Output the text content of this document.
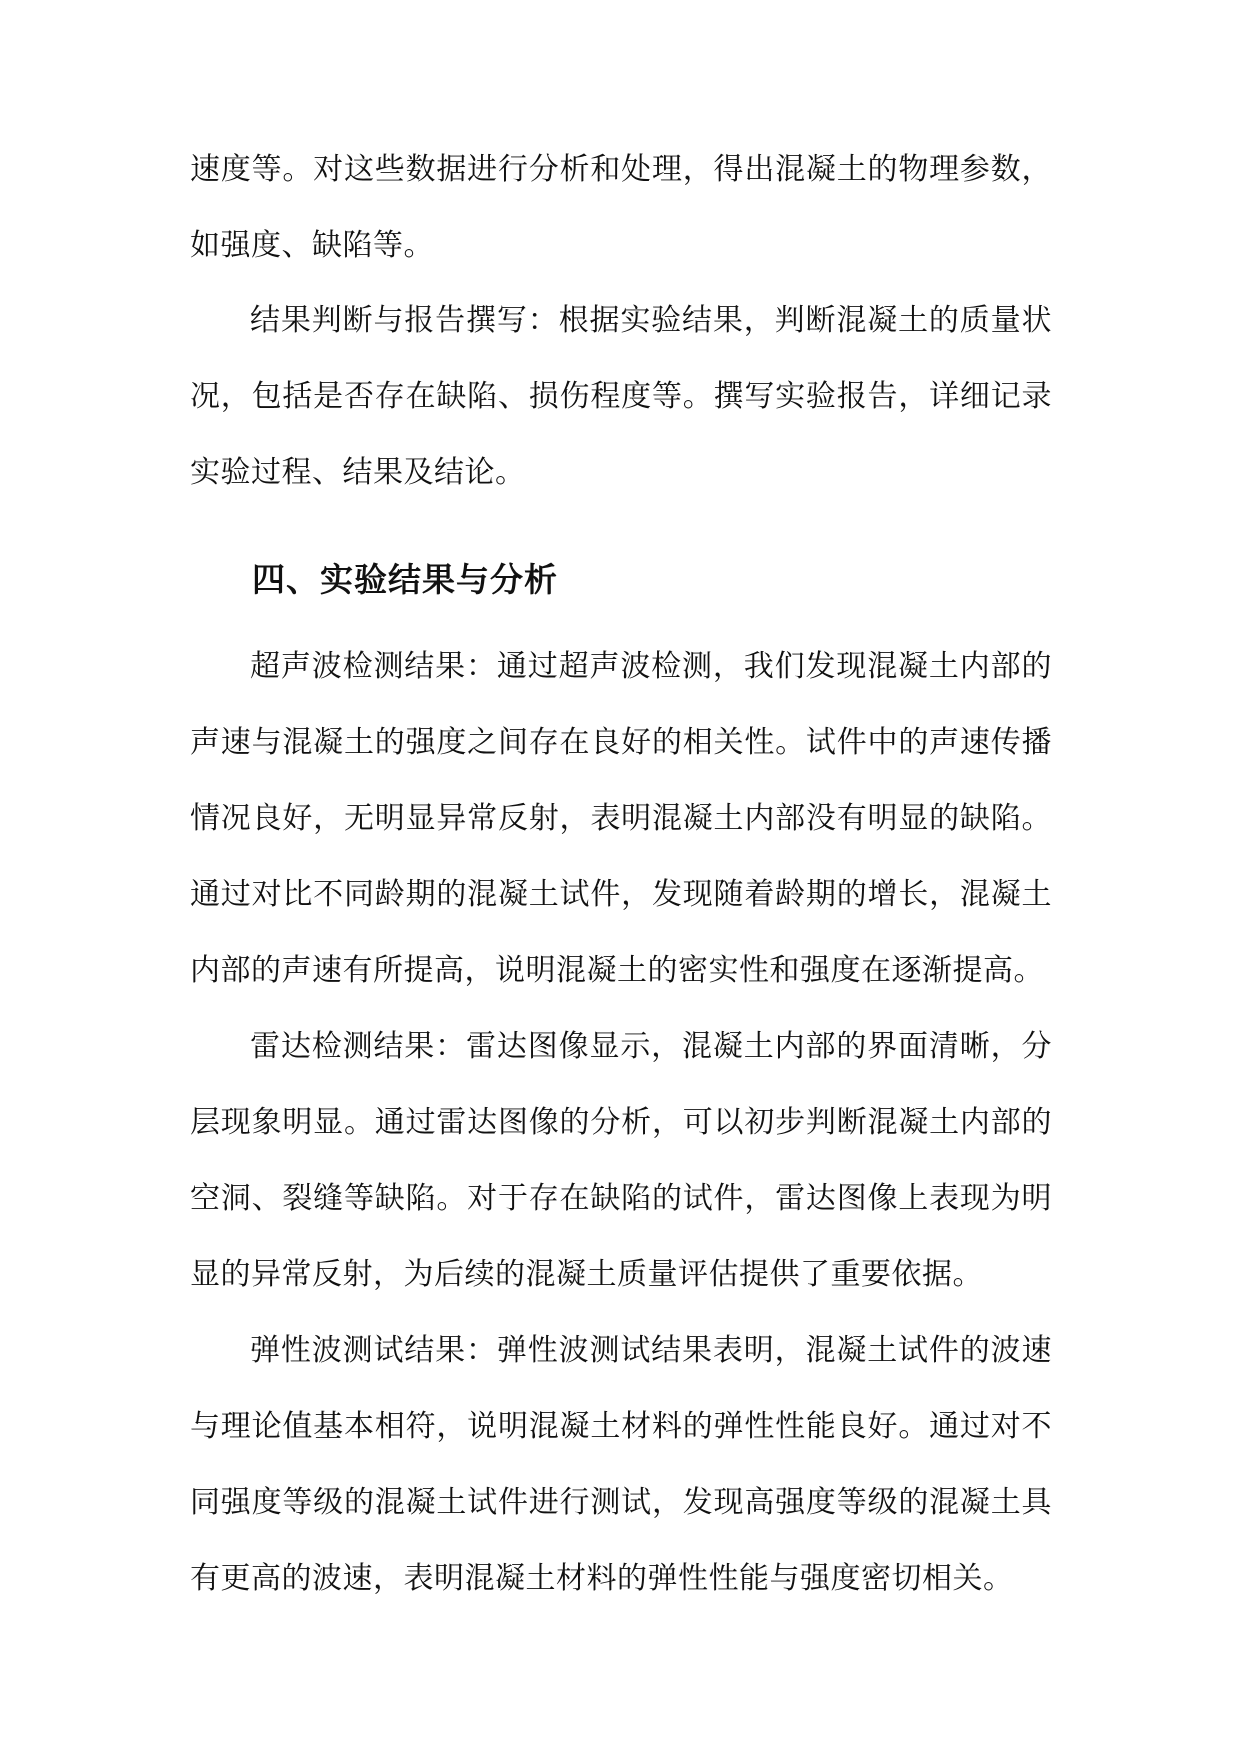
速度等。对这些数据进行分析和处理，得出混凝土的物理参数，如强度、缺陷等。

结果判断与报告撰写：根据实验结果，判断混凝土的质量状况，包括是否存在缺陷、损伤程度等。撰写实验报告，详细记录实验过程、结果及结论。

四、实验结果与分析

超声波检测结果：通过超声波检测，我们发现混凝土内部的声速与混凝土的强度之间存在良好的相关性。试件中的声速传播情况良好，无明显异常反射，表明混凝土内部没有明显的缺陷。通过对比不同龄期的混凝土试件，发现随着龄期的增长，混凝土内部的声速有所提高，说明混凝土的密实性和强度在逐渐提高。

雷达检测结果：雷达图像显示，混凝土内部的界面清晰，分层现象明显。通过雷达图像的分析，可以初步判断混凝土内部的空洞、裂缝等缺陷。对于存在缺陷的试件，雷达图像上表现为明显的异常反射，为后续的混凝土质量评估提供了重要依据。

弹性波测试结果：弹性波测试结果表明，混凝土试件的波速与理论值基本相符，说明混凝土材料的弹性性能良好。通过对不同强度等级的混凝土试件进行测试，发现高强度等级的混凝土具有更高的波速，表明混凝土材料的弹性性能与强度密切相关。
